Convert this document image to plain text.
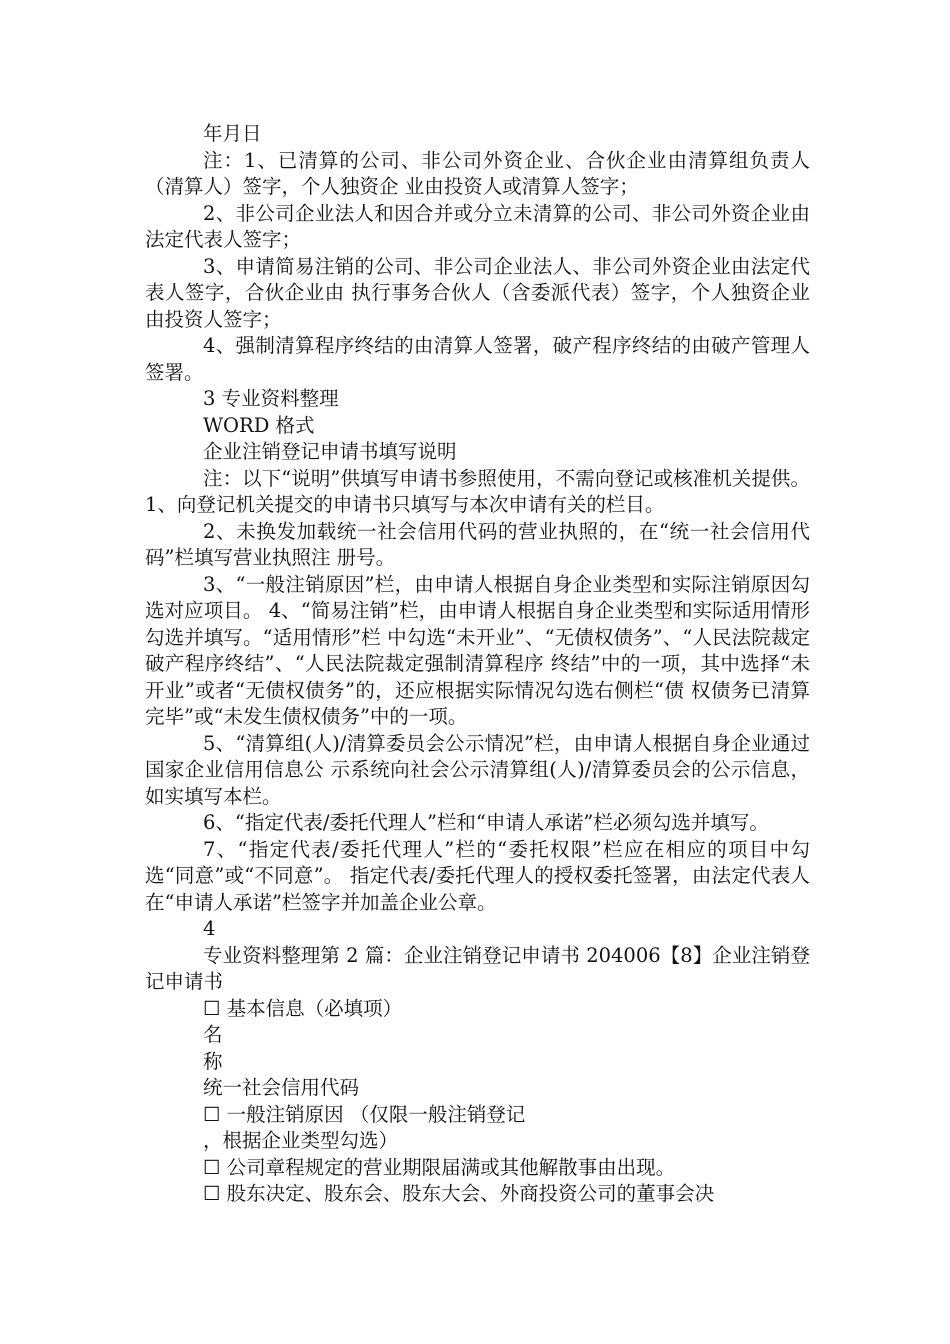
年月日

注：1、已清算的公司、非公司外资企业、合伙企业由清算组负责人（清算人）签字，个人独资企 业由投资人或清算人签字；

2、非公司企业法人和因合并或分立未清算的公司、非公司外资企业由法定代表人签字；

3、申请简易注销的公司、非公司企业法人、非公司外资企业由法定代表人签字，合伙企业由 执行事务合伙人（含委派代表）签字，个人独资企业由投资人签字；

4、强制清算程序终结的由清算人签署，破产程序终结的由破产管理人签署。

3 专业资料整理

WORD 格式

企业注销登记申请书填写说明

注：以下“说明”供填写申请书参照使用，不需向登记或核准机关提供。 1、向登记机关提交的申请书只填写与本次申请有关的栏目。

2、未换发加载统一社会信用代码的营业执照的，在“统一社会信用代码”栏填写营业执照注 册号。

3、“一般注销原因”栏，由申请人根据自身企业类型和实际注销原因勾选对应项目。 4、“简易注销”栏，由申请人根据自身企业类型和实际适用情形勾选并填写。“适用情形”栏 中勾选“未开业”、“无债权债务”、“人民法院裁定破产程序终结”、“人民法院裁定强制清算程序 终结”中的一项，其中选择“未开业”或者“无债权债务”的，还应根据实际情况勾选右侧栏“债 权债务已清算完毕”或“未发生债权债务”中的一项。

5、“清算组(人)/清算委员会公示情况”栏，由申请人根据自身企业通过国家企业信用信息公 示系统向社会公示清算组(人)/清算委员会的公示信息，如实填写本栏。

6、“指定代表/委托代理人”栏和“申请人承诺”栏必须勾选并填写。

7、“指定代表/委托代理人”栏的“委托权限”栏应在相应的项目中勾选“同意”或“不同意”。 指定代表/委托代理人的授权委托签署，由法定代表人在“申请人承诺”栏签字并加盖企业公章。

4

专业资料整理第 2 篇：企业注销登记申请书 204006【8】企业注销登记申请书

☐ 基本信息（必填项）

名

称

统一社会信用代码

☐ 一般注销原因 （仅限一般注销登记

，根据企业类型勾选）

☐ 公司章程规定的营业期限届满或其他解散事由出现。

☐ 股东决定、股东会、股东大会、外商投资公司的董事会决
